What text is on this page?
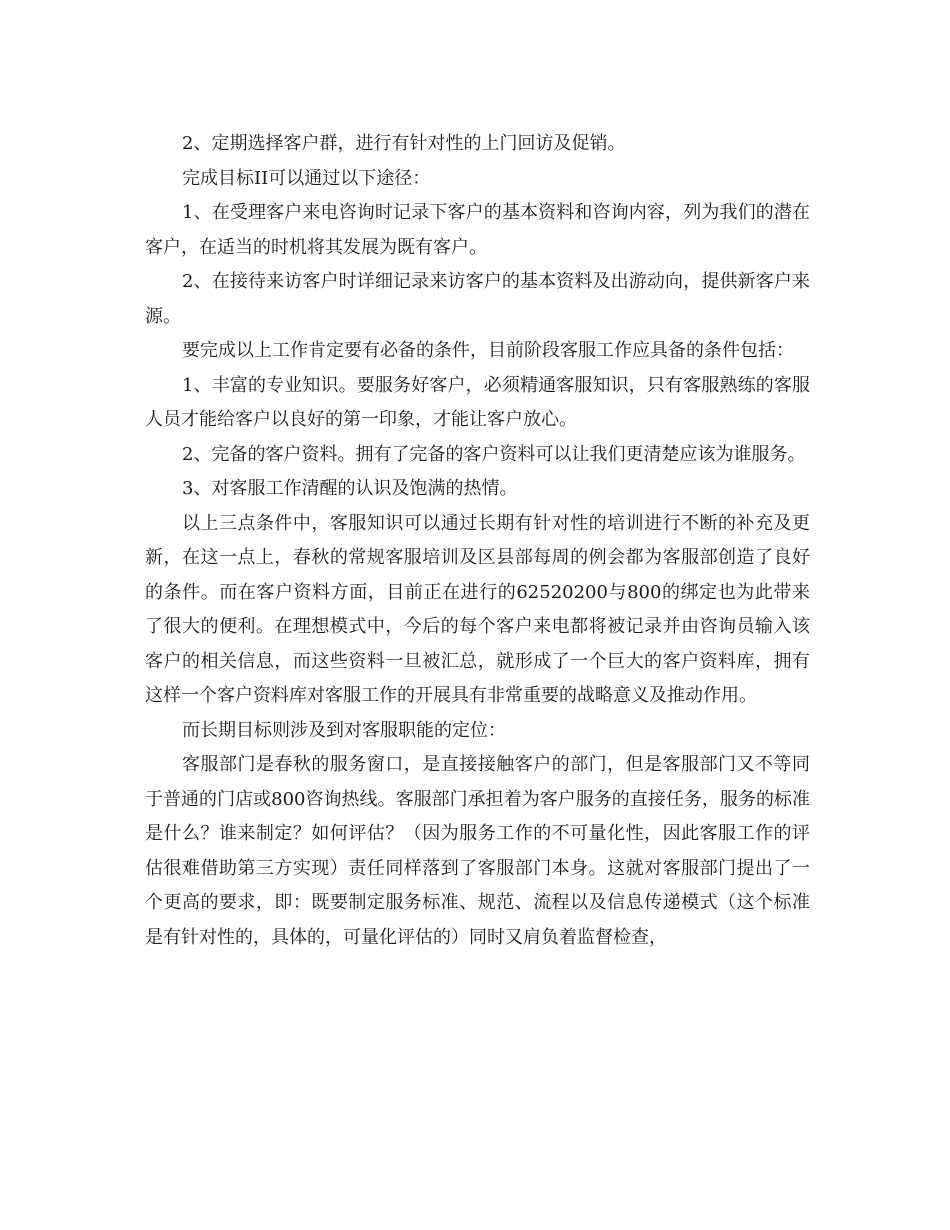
2、定期选择客户群，进行有针对性的上门回访及促销。

完成目标II可以通过以下途径：

1、在受理客户来电咨询时记录下客户的基本资料和咨询内容，列为我们的潜在客户，在适当的时机将其发展为既有客户。

2、在接待来访客户时详细记录来访客户的基本资料及出游动向，提供新客户来源。

要完成以上工作肯定要有必备的条件，目前阶段客服工作应具备的条件包括：

1、丰富的专业知识。要服务好客户，必须精通客服知识，只有客服熟练的客服人员才能给客户以良好的第一印象，才能让客户放心。

2、完备的客户资料。拥有了完备的客户资料可以让我们更清楚应该为谁服务。

3、对客服工作清醒的认识及饱满的热情。

以上三点条件中，客服知识可以通过长期有针对性的培训进行不断的补充及更新，在这一点上，春秋的常规客服培训及区县部每周的例会都为客服部创造了良好的条件。而在客户资料方面，目前正在进行的62520200与800的绑定也为此带来了很大的便利。在理想模式中，今后的每个客户来电都将被记录并由咨询员输入该客户的相关信息，而这些资料一旦被汇总，就形成了一个巨大的客户资料库，拥有这样一个客户资料库对客服工作的开展具有非常重要的战略意义及推动作用。

而长期目标则涉及到对客服职能的定位：

客服部门是春秋的服务窗口，是直接接触客户的部门，但是客服部门又不等同于普通的门店或800咨询热线。客服部门承担着为客户服务的直接任务，服务的标准是什么？谁来制定？如何评估？（因为服务工作的不可量化性，因此客服工作的评估很难借助第三方实现）责任同样落到了客服部门本身。这就对客服部门提出了一个更高的要求，即：既要制定服务标准、规范、流程以及信息传递模式（这个标准是有针对性的，具体的，可量化评估的）同时又肩负着监督检查，
